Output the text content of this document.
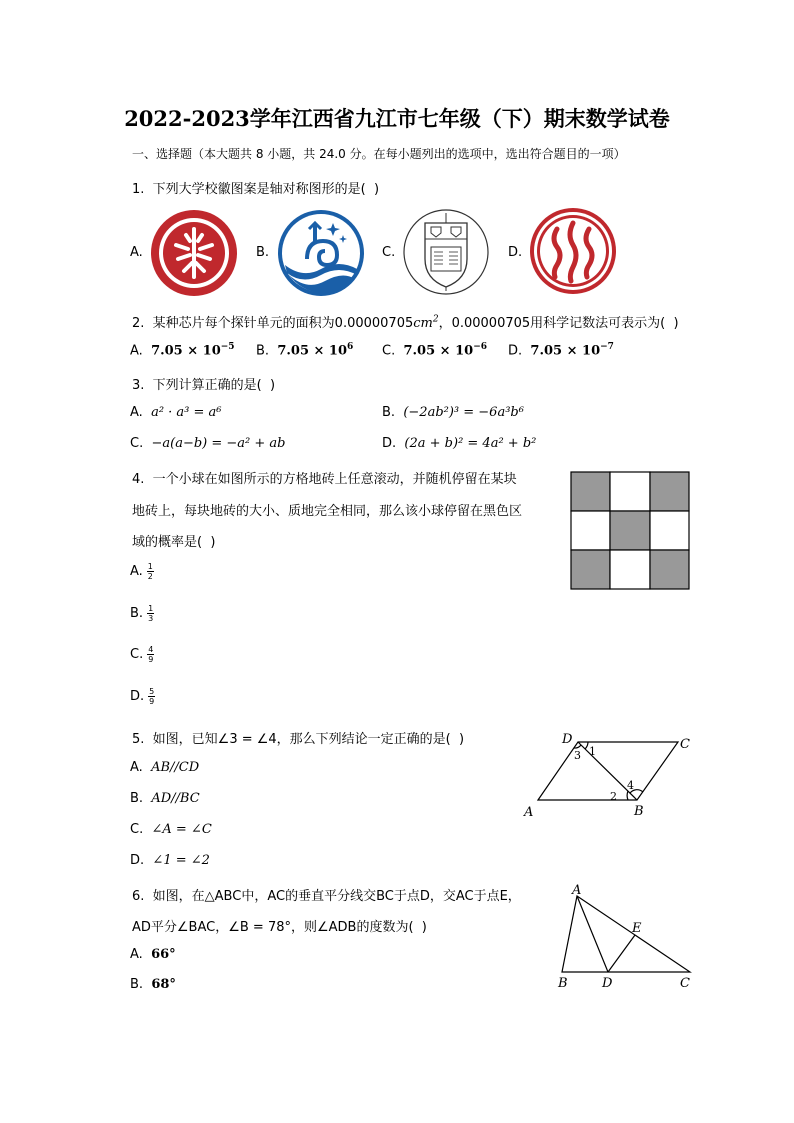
2022-2023学年江西省九江市七年级（下）期末数学试卷
一、选择题（本大题共 8 小题，共 24.0 分。在每小题列出的选项中，选出符合题目的一项）
1.  下列大学校徽图案是轴对称图形的是(  )
A.	B.	C.	D.
2.  某种芯片每个探针单元的面积为$0.00000705cm^2$，0.00000705用科学记数法可表示为(  )
A. $7.05 \times 10^{-5}$ B. $7.05 \times 10^6$ C. $7.05 \times 10^{-6}$ D. $7.05 \times 10^{-7}$
3.  下列计算正确的是(  )
A. a² · a³ = a⁶	B. (−2ab²)³ = −6a³b⁶
C. −a(a−b) = −a² + ab	D. (2a + b)² = 4a² + b²
4.  一个小球在如图所示的方格地砖上任意滚动，并随机停留在某块
地砖上，每块地砖的大小、质地完全相同，那么该小球停留在黑色区
域的概率是(  )
A. $\frac{1}{2}$
B. $\frac{1}{3}$
C. $\frac{4}{9}$
D. $\frac{5}{9}$
5.  如图，已知∠3 = ∠4，那么下列结论一定正确的是(  )
A. AB//CD
B. AD//BC
C. ∠A = ∠C
D. ∠1 = ∠2
D	C
A	B
1
3
2
4
6.  如图，在△ABC中，AC的垂直平分线交BC于点D，交AC于点E，
AD平分∠BAC，∠B = 78°，则∠ADB的度数为(  )
A. 66°
B. 68°
A
B	D	C
E
